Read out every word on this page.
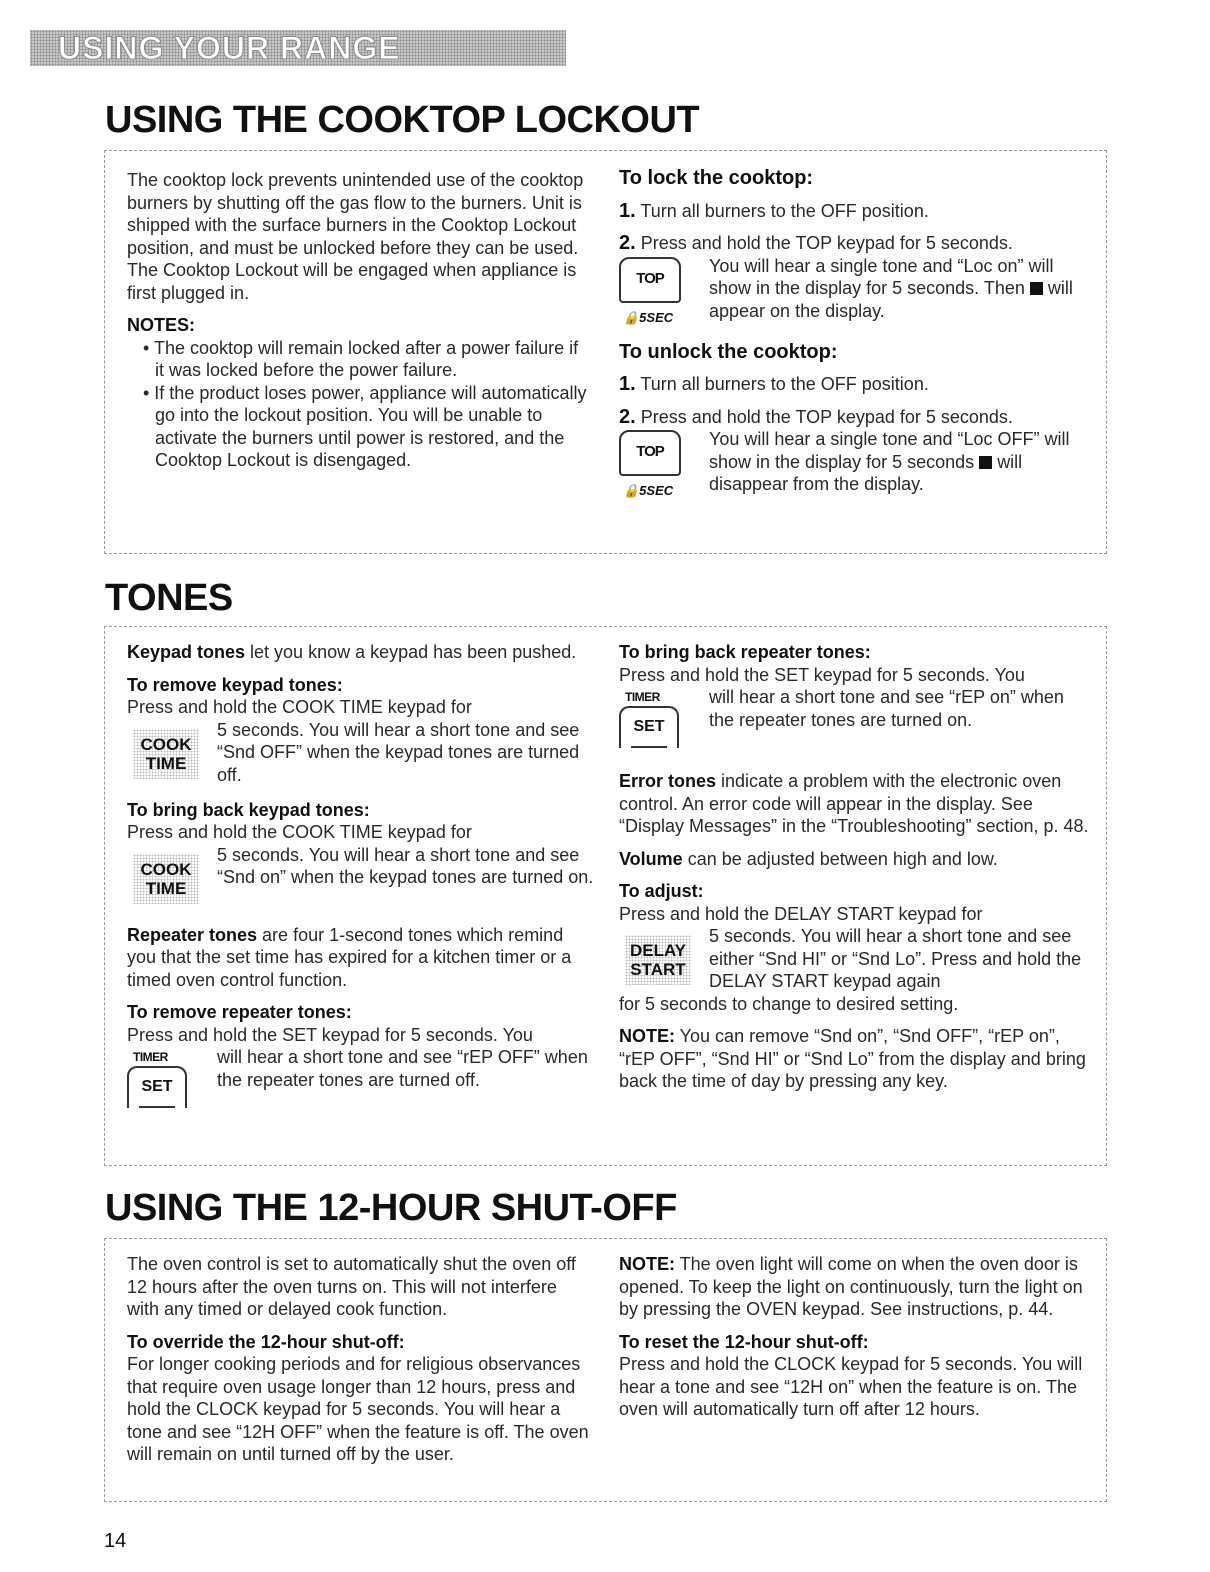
USING YOUR RANGE
USING THE COOKTOP LOCKOUT

The cooktop lock prevents unintended use of the cooktop burners by shutting off the gas flow to the burners. Unit is shipped with the surface burners in the Cooktop Lockout position, and must be unlocked before they can be used. The Cooktop Lockout will be engaged when appliance is first plugged in.

NOTES:

• The cooktop will remain locked after a power failure if it was locked before the power failure.

• If the product loses power, appliance will automatically go into the lockout position. You will be unable to activate the burners until power is restored, and the Cooktop Lockout is disengaged.

To lock the cooktop:

1. Turn all burners to the OFF position.

2. Press and hold the TOP keypad for 5 seconds.

TOP
🔒5SEC
You will hear a single tone and “Loc on” will show in the display for 5 seconds. Then will appear on the display.

To unlock the cooktop:

1. Turn all burners to the OFF position.

2. Press and hold the TOP keypad for 5 seconds.

TOP
🔒5SEC
You will hear a single tone and “Loc OFF” will show in the display for 5 seconds will disappear from the display.
TONES

Keypad tones let you know a keypad has been pushed.

To remove keypad tones:

Press and hold the COOK TIME keypad for

COOK
TIME
5 seconds. You will hear a short tone and see “Snd OFF” when the keypad tones are turned off.

To bring back keypad tones:

Press and hold the COOK TIME keypad for

COOK
TIME
5 seconds. You will hear a short tone and see “Snd on” when the keypad tones are turned on.

Repeater tones are four 1-second tones which remind you that the set time has expired for a kitchen timer or a timed oven control function.

To remove repeater tones:

Press and hold the SET keypad for 5 seconds. You

TIMER
SET
will hear a short tone and see “rEP OFF” when the repeater tones are turned off.

To bring back repeater tones:

Press and hold the SET keypad for 5 seconds. You

TIMER
SET
will hear a short tone and see “rEP on” when the repeater tones are turned on.

Error tones indicate a problem with the electronic oven control. An error code will appear in the display. See “Display Messages” in the “Troubleshooting” section, p. 48.

Volume can be adjusted between high and low.

To adjust:

Press and hold the DELAY START keypad for

DELAY
START
5 seconds. You will hear a short tone and see either “Snd HI” or “Snd Lo”. Press and hold the DELAY START keypad again

for 5 seconds to change to desired setting.

NOTE: You can remove “Snd on”, “Snd OFF”, “rEP on”, “rEP OFF”, “Snd HI” or “Snd Lo” from the display and bring back the time of day by pressing any key.

USING THE 12-HOUR SHUT-OFF

The oven control is set to automatically shut the oven off 12 hours after the oven turns on. This will not interfere with any timed or delayed cook function.

To override the 12-hour shut-off:

For longer cooking periods and for religious observances that require oven usage longer than 12 hours, press and hold the CLOCK keypad for 5 seconds. You will hear a tone and see “12H OFF” when the feature is off. The oven will remain on until turned off by the user.

NOTE: The oven light will come on when the oven door is opened. To keep the light on continuously, turn the light on by pressing the OVEN keypad. See instructions, p. 44.

To reset the 12-hour shut-off:

Press and hold the CLOCK keypad for 5 seconds. You will hear a tone and see “12H on” when the feature is on. The oven will automatically turn off after 12 hours.

14
